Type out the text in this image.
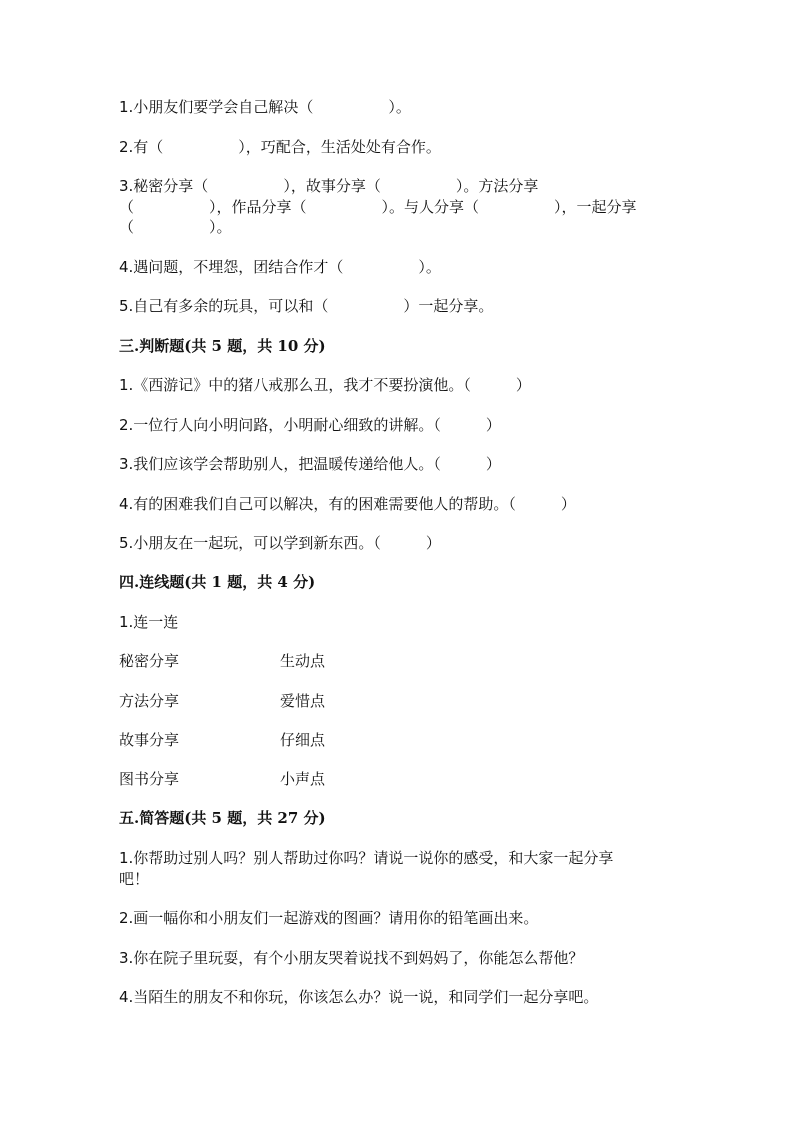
1.小朋友们要学会自己解决（　　　　　）。
2.有（　　　　　），巧配合，生活处处有合作。
3.秘密分享（　　　　　），故事分享（　　　　　）。方法分享
（　　　　　），作品分享（　　　　　）。与人分享（　　　　　），一起分享
（　　　　　）。
4.遇问题，不埋怨，团结合作才（　　　　　）。
5.自己有多余的玩具，可以和（　　　　　）一起分享。
三.判断题(共 5 题，共 10 分)
1.《西游记》中的猪八戒那么丑，我才不要扮演他。（　　　）
2.一位行人向小明问路，小明耐心细致的讲解。（　　　）
3.我们应该学会帮助别人，把温暖传递给他人。（　　　）
4.有的困难我们自己可以解决，有的困难需要他人的帮助。（　　　）
5.小朋友在一起玩，可以学到新东西。（　　　）
四.连线题(共 1 题，共 4 分)
1.连一连
秘密分享	生动点
方法分享	爱惜点
故事分享	仔细点
图书分享	小声点
五.简答题(共 5 题，共 27 分)
1.你帮助过别人吗？别人帮助过你吗？请说一说你的感受，和大家一起分享
吧！
2.画一幅你和小朋友们一起游戏的图画？请用你的铅笔画出来。
3.你在院子里玩耍，有个小朋友哭着说找不到妈妈了，你能怎么帮他？
4.当陌生的朋友不和你玩，你该怎么办？说一说，和同学们一起分享吧。
